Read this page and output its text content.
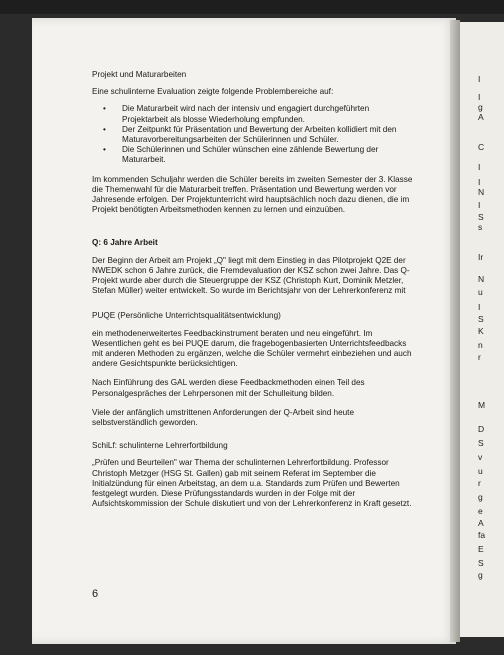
I
I
g
A
C
I
I
N
I
S
s
Ir
N
u
I
S
K
n
r
M
D
S
v
u
r
g
e
A
fa
E
S
g

Projekt und Maturarbeiten

Eine schulinterne Evaluation zeigte folgende Problembereiche auf:

• Die Maturarbeit wird nach der intensiv und engagiert durchgeführten Projektarbeit als blosse Wiederholung empfunden.
• Der Zeitpunkt für Präsentation und Bewertung der Arbeiten kollidiert mit den Maturavorbereitungsarbeiten der Schülerinnen und Schüler.
• Die Schülerinnen und Schüler wünschen eine zählende Bewertung der Maturarbeit.

Im kommenden Schuljahr werden die Schüler bereits im zweiten Semester der 3. Klasse die Themenwahl für die Maturarbeit treffen. Präsentation und Bewertung werden vor Jahresende erfolgen. Der Projektunterricht wird hauptsächlich noch dazu dienen, die im Projekt benötigten Arbeitsmethoden kennen zu lernen und einzuüben.

Q: 6 Jahre Arbeit

Der Beginn der Arbeit am Projekt „Q" liegt mit dem Einstieg in das Pilotprojekt Q2E der NWEDK schon 6 Jahre zurück, die Fremdevaluation der KSZ schon zwei Jahre. Das Q-Projekt wurde aber durch die Steuergruppe der KSZ (Christoph Kurt, Dominik Metzler, Stefan Müller) weiter entwickelt. So wurde im Berichtsjahr von der Lehrerkonferenz mit

PUQE (Persönliche Unterrichtsqualitätsentwicklung)

ein methodenerweitertes Feedbackinstrument beraten und neu eingeführt. Im Wesentlichen geht es bei PUQE darum, die fragebogenbasierten Unterrichtsfeedbacks mit anderen Methoden zu ergänzen, welche die Schüler vermehrt einbeziehen und auch andere Gesichtspunkte berücksichtigen.

Nach Einführung des GAL werden diese Feedbackmethoden einen Teil des Personalgespräches der Lehrpersonen mit der Schulleitung bilden.

Viele der anfänglich umstrittenen Anforderungen der Q-Arbeit sind heute selbstverständlich geworden.

SchiLf: schulinterne Lehrerfortbildung

„Prüfen und Beurteilen" war Thema der schulinternen Lehrerfortbildung. Professor Christoph Metzger (HSG St. Gallen) gab mit seinem Referat im September die Initialzündung für einen Arbeitstag, an dem u.a. Standards zum Prüfen und Bewerten festgelegt wurden. Diese Prüfungsstandards wurden in der Folge mit der Aufsichtskommission der Schule diskutiert und von der Lehrerkonferenz in Kraft gesetzt.

6
